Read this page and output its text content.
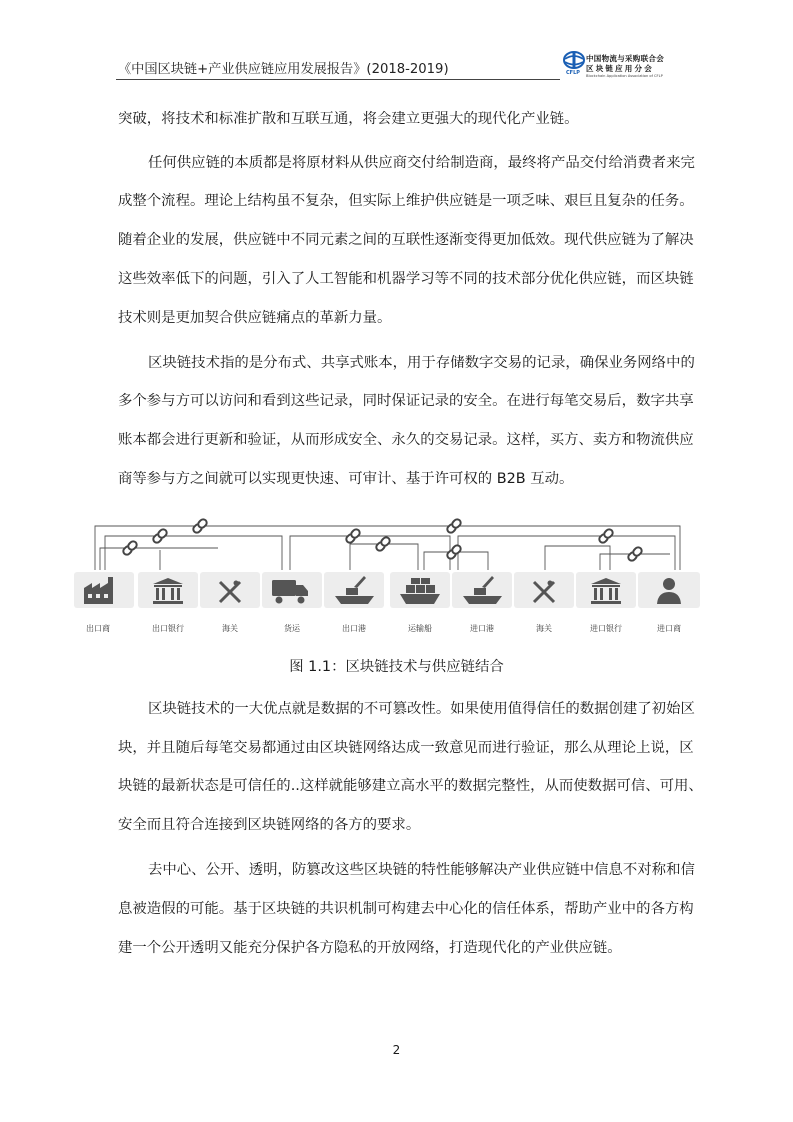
《中国区块链+产业供应链应用发展报告》(2018-2019)	CFLP
中国物流与采购联合会
区块链应用分会
Blockchain Application Association of CFLP
突破，将技术和标准扩散和互联互通，将会建立更强大的现代化产业链。
任何供应链的本质都是将原材料从供应商交付给制造商，最终将产品交付给消费者来完
成整个流程。理论上结构虽不复杂，但实际上维护供应链是一项乏味、艰巨且复杂的任务。
随着企业的发展，供应链中不同元素之间的互联性逐渐变得更加低效。现代供应链为了解决
这些效率低下的问题，引入了人工智能和机器学习等不同的技术部分优化供应链，而区块链
技术则是更加契合供应链痛点的革新力量。
区块链技术指的是分布式、共享式账本，用于存储数字交易的记录，确保业务网络中的
多个参与方可以访问和看到这些记录，同时保证记录的安全。在进行每笔交易后，数字共享
账本都会进行更新和验证，从而形成安全、永久的交易记录。这样，买方、卖方和物流供应
商等参与方之间就可以实现更快速、可审计、基于许可权的 B2B 互动。
出口商	出口银行	海关	货运	出口港	运输船	进口港	海关	进口银行	进口商
图 1.1：区块链技术与供应链结合
区块链技术的一大优点就是数据的不可篡改性。如果使用值得信任的数据创建了初始区
块，并且随后每笔交易都通过由区块链网络达成一致意见而进行验证，那么从理论上说，区
块链的最新状态是可信任的..这样就能够建立高水平的数据完整性，从而使数据可信、可用、
安全而且符合连接到区块链网络的各方的要求。
去中心、公开、透明，防篡改这些区块链的特性能够解决产业供应链中信息不对称和信
息被造假的可能。基于区块链的共识机制可构建去中心化的信任体系，帮助产业中的各方构
建一个公开透明又能充分保护各方隐私的开放网络，打造现代化的产业供应链。
2
